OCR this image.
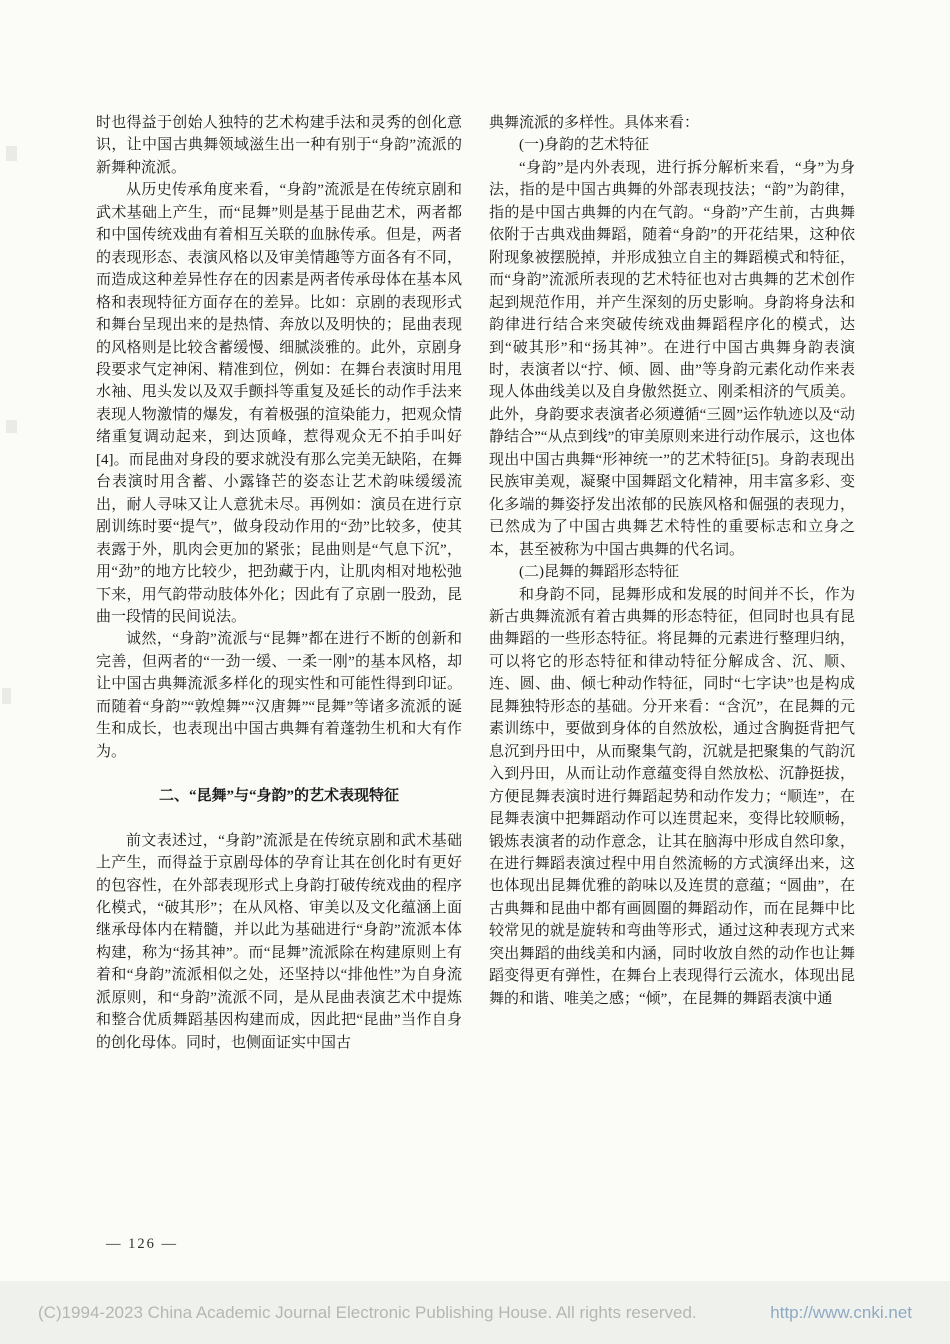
时也得益于创始人独特的艺术构建手法和灵秀的创化意识，让中国古典舞领域滋生出一种有别于“身韵”流派的新舞种流派。

从历史传承角度来看，“身韵”流派是在传统京剧和武术基础上产生，而“昆舞”则是基于昆曲艺术，两者都和中国传统戏曲有着相互关联的血脉传承。但是，两者的表现形态、表演风格以及审美情趣等方面各有不同，而造成这种差异性存在的因素是两者传承母体在基本风格和表现特征方面存在的差异。比如：京剧的表现形式和舞台呈现出来的是热情、奔放以及明快的；昆曲表现的风格则是比较含蓄缓慢、细腻淡雅的。此外，京剧身段要求气定神闲、精准到位，例如：在舞台表演时用甩水袖、甩头发以及双手颤抖等重复及延长的动作手法来表现人物激情的爆发，有着极强的渲染能力，把观众情绪重复调动起来，到达顶峰，惹得观众无不拍手叫好[4]。而昆曲对身段的要求就没有那么完美无缺陷，在舞台表演时用含蓄、小露锋芒的姿态让艺术韵味缓缓流出，耐人寻味又让人意犹未尽。再例如：演员在进行京剧训练时要“提气”，做身段动作用的“劲”比较多，使其表露于外，肌肉会更加的紧张；昆曲则是“气息下沉”，用“劲”的地方比较少，把劲藏于内，让肌肉相对地松弛下来，用气韵带动肢体外化；因此有了京剧一股劲，昆曲一段情的民间说法。

诚然，“身韵”流派与“昆舞”都在进行不断的创新和完善，但两者的“一劲一缓、一柔一刚”的基本风格，却让中国古典舞流派多样化的现实性和可能性得到印证。而随着“身韵”“敦煌舞”“汉唐舞”“昆舞”等诸多流派的诞生和成长，也表现出中国古典舞有着蓬勃生机和大有作为。

二、“昆舞”与“身韵”的艺术表现特征

前文表述过，“身韵”流派是在传统京剧和武术基础上产生，而得益于京剧母体的孕育让其在创化时有更好的包容性，在外部表现形式上身韵打破传统戏曲的程序化模式，“破其形”；在从风格、审美以及文化蕴涵上面继承母体内在精髓，并以此为基础进行“身韵”流派本体构建，称为“扬其神”。而“昆舞”流派除在构建原则上有着和“身韵”流派相似之处，还坚持以“排他性”为自身流派原则，和“身韵”流派不同，是从昆曲表演艺术中提炼和整合优质舞蹈基因构建而成，因此把“昆曲”当作自身的创化母体。同时，也侧面证实中国古

典舞流派的多样性。具体来看：

(一)身韵的艺术特征

“身韵”是内外表现，进行拆分解析来看，“身”为身法，指的是中国古典舞的外部表现技法；“韵”为韵律，指的是中国古典舞的内在气韵。“身韵”产生前，古典舞依附于古典戏曲舞蹈，随着“身韵”的开花结果，这种依附现象被摆脱掉，并形成独立自主的舞蹈模式和特征，而“身韵”流派所表现的艺术特征也对古典舞的艺术创作起到规范作用，并产生深刻的历史影响。身韵将身法和韵律进行结合来突破传统戏曲舞蹈程序化的模式，达到“破其形”和“扬其神”。在进行中国古典舞身韵表演时，表演者以“拧、倾、圆、曲”等身韵元素化动作来表现人体曲线美以及自身傲然挺立、刚柔相济的气质美。此外，身韵要求表演者必须遵循“三圆”运作轨迹以及“动静结合”“从点到线”的审美原则来进行动作展示，这也体现出中国古典舞“形神统一”的艺术特征[5]。身韵表现出民族审美观，凝聚中国舞蹈文化精神，用丰富多彩、变化多端的舞姿抒发出浓郁的民族风格和倔强的表现力，已然成为了中国古典舞艺术特性的重要标志和立身之本，甚至被称为中国古典舞的代名词。

(二)昆舞的舞蹈形态特征

和身韵不同，昆舞形成和发展的时间并不长，作为新古典舞流派有着古典舞的形态特征，但同时也具有昆曲舞蹈的一些形态特征。将昆舞的元素进行整理归纳，可以将它的形态特征和律动特征分解成含、沉、顺、连、圆、曲、倾七种动作特征，同时“七字诀”也是构成昆舞独特形态的基础。分开来看：“含沉”，在昆舞的元素训练中，要做到身体的自然放松，通过含胸挺背把气息沉到丹田中，从而聚集气韵，沉就是把聚集的气韵沉入到丹田，从而让动作意蕴变得自然放松、沉静挺拔，方便昆舞表演时进行舞蹈起势和动作发力；“顺连”，在昆舞表演中把舞蹈动作可以连贯起来，变得比较顺畅，锻炼表演者的动作意念，让其在脑海中形成自然印象，在进行舞蹈表演过程中用自然流畅的方式演绎出来，这也体现出昆舞优雅的韵味以及连贯的意蕴；“圆曲”，在古典舞和昆曲中都有画圆圈的舞蹈动作，而在昆舞中比较常见的就是旋转和弯曲等形式，通过这种表现方式来突出舞蹈的曲线美和内涵，同时收放自然的动作也让舞蹈变得更有弹性，在舞台上表现得行云流水，体现出昆舞的和谐、唯美之感；“倾”，在昆舞的舞蹈表演中通

— 126 —
(C)1994-2023 China Academic Journal Electronic Publishing House. All rights reserved.	http://www.cnki.net
